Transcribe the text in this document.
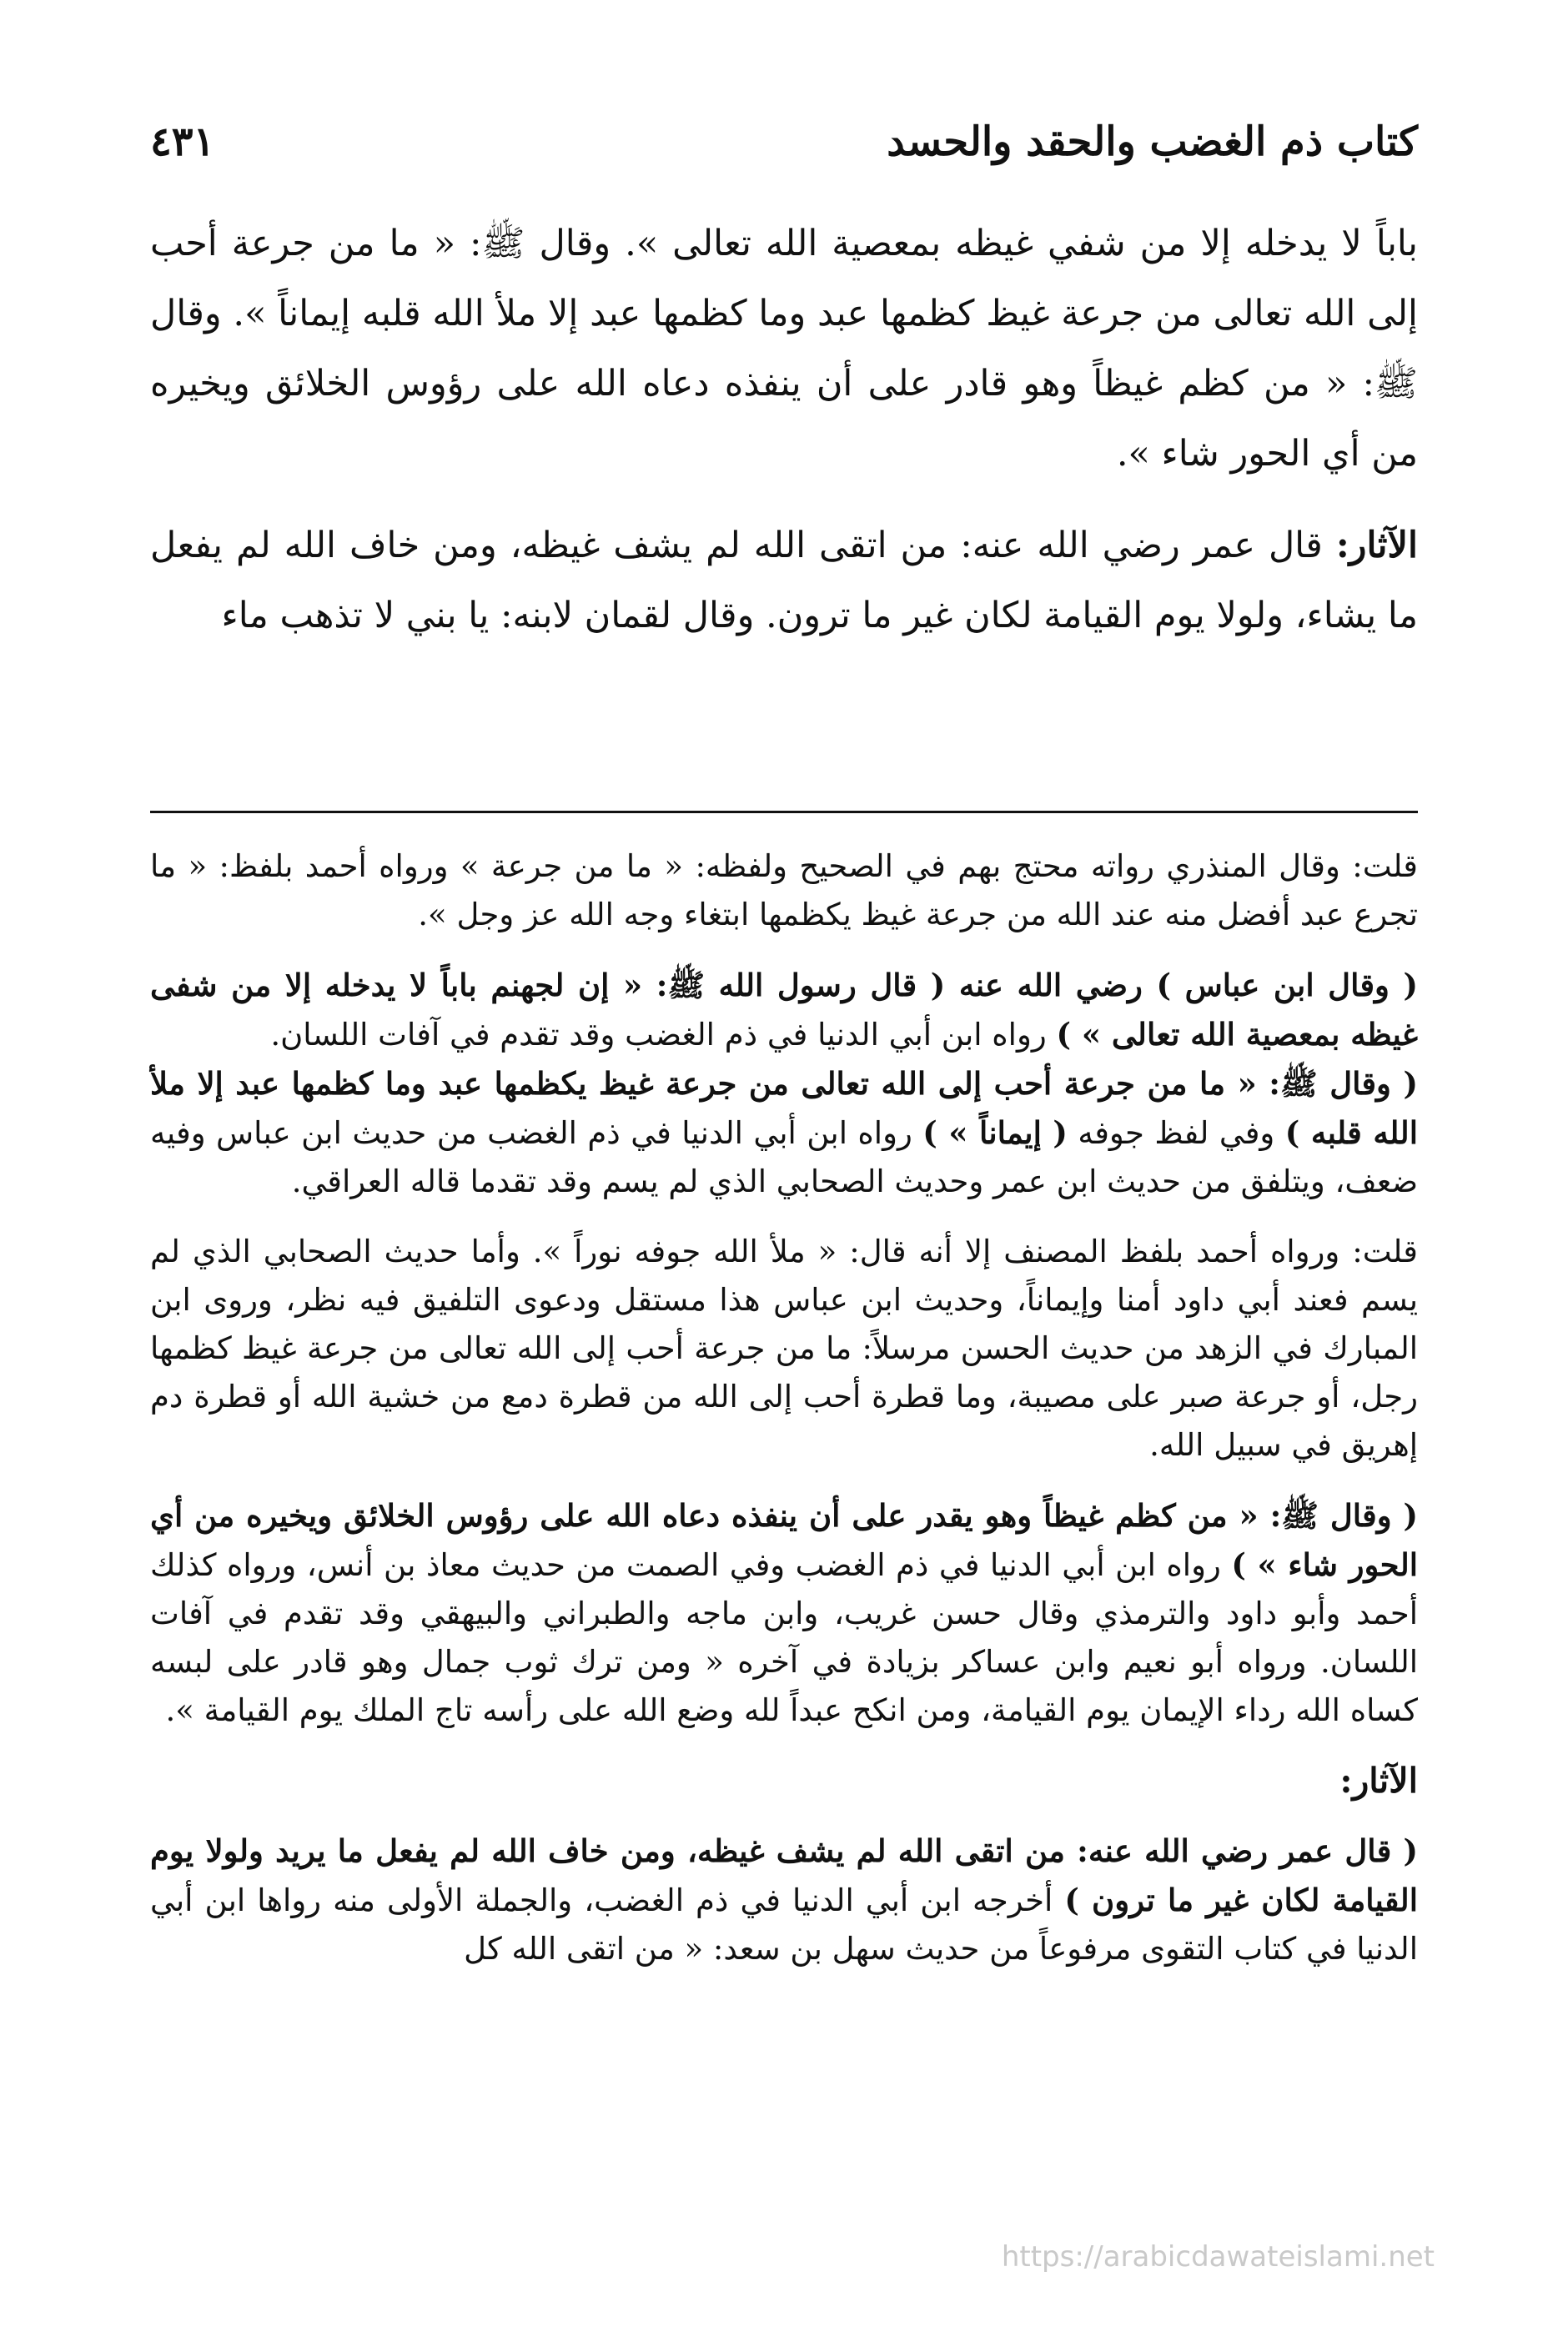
كتاب ذم الغضب والحقد والحسد
٤٣١

باباً لا يدخله إلا من شفي غيظه بمعصية الله تعالى ». وقال ﷺ: « ما من جرعة أحب إلى الله تعالى من جرعة غيظ كظمها عبد وما كظمها عبد إلا ملأ الله قلبه إيماناً ». وقال ﷺ: « من كظم غيظاً وهو قادر على أن ينفذه دعاه الله على رؤوس الخلائق ويخيره من أي الحور شاء ».

الآثار: قال عمر رضي الله عنه: من اتقى الله لم يشف غيظه، ومن خاف الله لم يفعل ما يشاء، ولولا يوم القيامة لكان غير ما ترون. وقال لقمان لابنه: يا بني لا تذهب ماء

قلت: وقال المنذري رواته محتج بهم في الصحيح ولفظه: « ما من جرعة » ورواه أحمد بلفظ: « ما تجرع عبد أفضل منه عند الله من جرعة غيظ يكظمها ابتغاء وجه الله عز وجل ».

( وقال ابن عباس ) رضي الله عنه ( قال رسول الله ﷺ: « إن لجهنم باباً لا يدخله إلا من شفى غيظه بمعصية الله تعالى » ) رواه ابن أبي الدنيا في ذم الغضب وقد تقدم في آفات اللسان.

( وقال ﷺ: « ما من جرعة أحب إلى الله تعالى من جرعة غيظ يكظمها عبد وما كظمها عبد إلا ملأ الله قلبه ) وفي لفظ جوفه ( إيماناً » ) رواه ابن أبي الدنيا في ذم الغضب من حديث ابن عباس وفيه ضعف، ويتلفق من حديث ابن عمر وحديث الصحابي الذي لم يسم وقد تقدما قاله العراقي.

قلت: ورواه أحمد بلفظ المصنف إلا أنه قال: « ملأ الله جوفه نوراً ». وأما حديث الصحابي الذي لم يسم فعند أبي داود أمنا وإيماناً، وحديث ابن عباس هذا مستقل ودعوى التلفيق فيه نظر، وروى ابن المبارك في الزهد من حديث الحسن مرسلاً: ما من جرعة أحب إلى الله تعالى من جرعة غيظ كظمها رجل، أو جرعة صبر على مصيبة، وما قطرة أحب إلى الله من قطرة دمع من خشية الله أو قطرة دم إهريق في سبيل الله.

( وقال ﷺ: « من كظم غيظاً وهو يقدر على أن ينفذه دعاه الله على رؤوس الخلائق ويخيره من أي الحور شاء » ) رواه ابن أبي الدنيا في ذم الغضب وفي الصمت من حديث معاذ بن أنس، ورواه كذلك أحمد وأبو داود والترمذي وقال حسن غريب، وابن ماجه والطبراني والبيهقي وقد تقدم في آفات اللسان. ورواه أبو نعيم وابن عساكر بزيادة في آخره « ومن ترك ثوب جمال وهو قادر على لبسه كساه الله رداء الإيمان يوم القيامة، ومن انكح عبداً لله وضع الله على رأسه تاج الملك يوم القيامة ».

الآثار:

( قال عمر رضي الله عنه: من اتقى الله لم يشف غيظه، ومن خاف الله لم يفعل ما يريد ولولا يوم القيامة لكان غير ما ترون ) أخرجه ابن أبي الدنيا في ذم الغضب، والجملة الأولى منه رواها ابن أبي الدنيا في كتاب التقوى مرفوعاً من حديث سهل بن سعد: « من اتقى الله كل

https://arabicdawateislami.net
